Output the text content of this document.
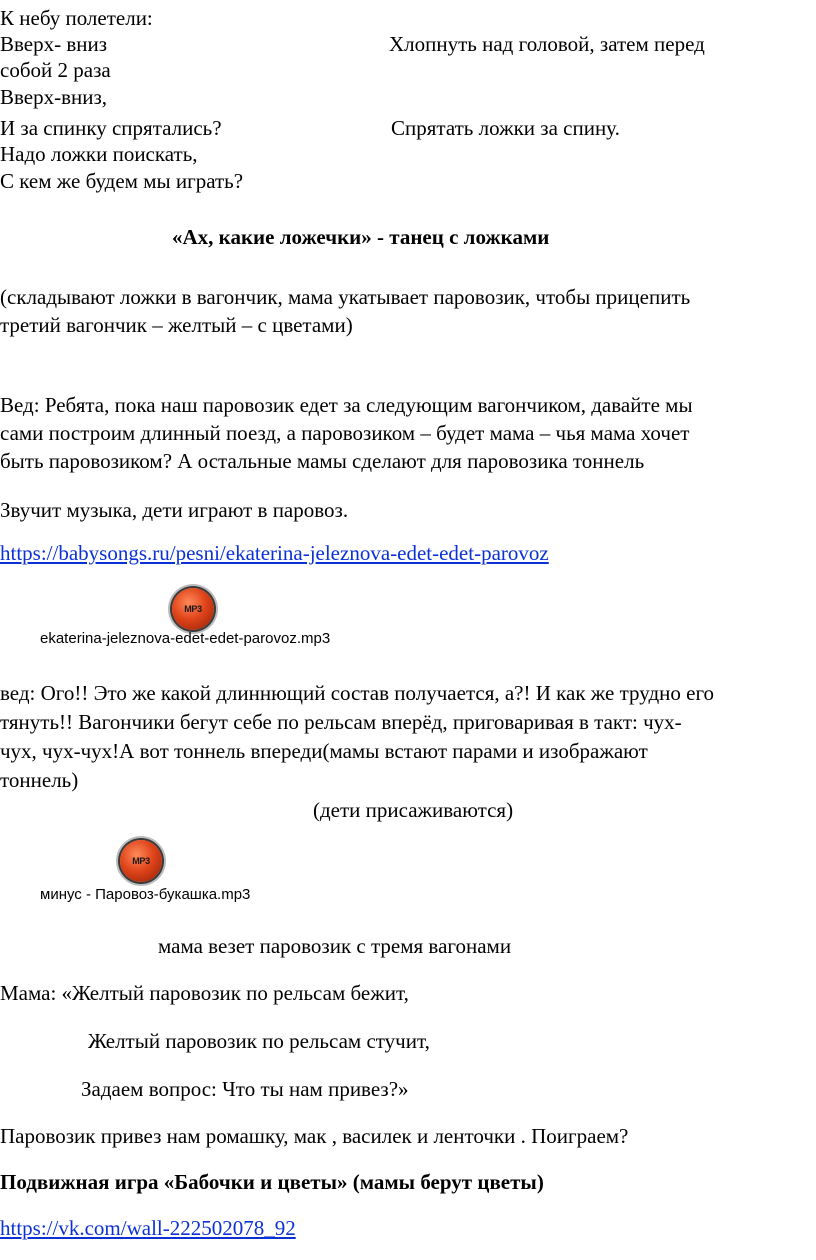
К небу полетели:
Вверх- вниз	Хлопнуть над головой, затем перед
собой 2 раза
Вверх-вниз,
И за спинку спрятались?	Спрятать ложки за спину.
Надо ложки поискать,
С кем же будем мы играть?
«Ах, какие ложечки» - танец с ложками
(складывают ложки в вагончик, мама укатывает паровозик, чтобы прицепить
третий вагончик – желтый – с цветами)
Вед: Ребята, пока наш паровозик едет за следующим вагончиком, давайте мы
сами построим длинный поезд, а паровозиком – будет мама – чья мама хочет
быть паровозиком? А остальные мамы сделают для паровозика тоннель
Звучит музыка, дети играют в паровоз.
https://babysongs.ru/pesni/ekaterina-jeleznova-edet-edet-parovoz
MP3
ekaterina-jeleznova-edet-edet-parovoz.mp3
вед: Ого!! Это же какой длиннющий состав получается, а?! И как же трудно его
тянуть!! Вагончики бегут себе по рельсам вперёд, приговаривая в такт: чух-
чух, чух-чух!А вот тоннель впереди(мамы встают парами и изображают
тоннель)
(дети присаживаются)
MP3
минус - Паровоз-букашка.mp3
мама везет паровозик с тремя вагонами
Мама: «Желтый паровозик по рельсам бежит,
Желтый паровозик по рельсам стучит,
Задаем вопрос: Что ты нам привез?»
Паровозик привез нам ромашку, мак , василек и ленточки . Поиграем?
Подвижная игра «Бабочки и цветы» (мамы берут цветы)
https://vk.com/wall-222502078_92
